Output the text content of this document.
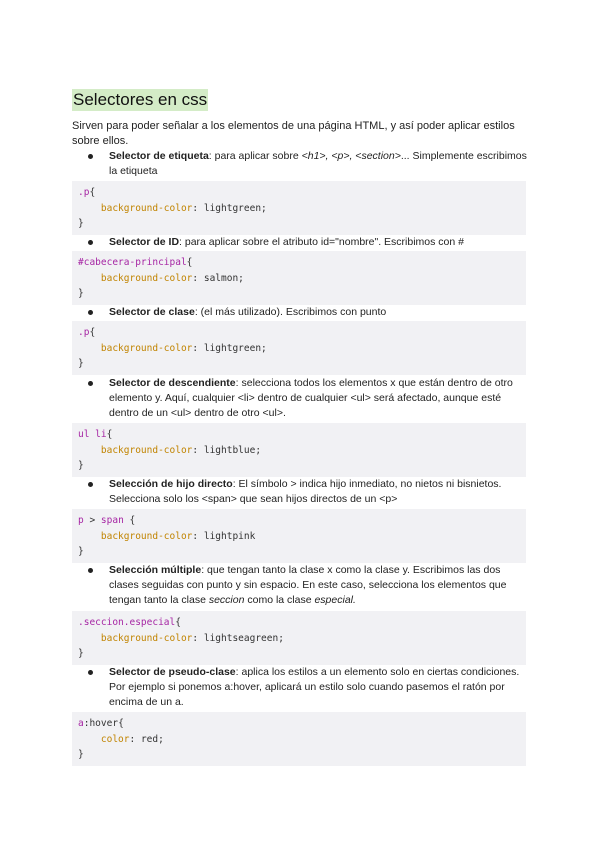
Selectores en css
Sirven para poder señalar a los elementos de una página HTML, y así poder aplicar estilos sobre ellos.
Selector de etiqueta: para aplicar sobre <h1>, <p>, <section>... Simplemente escribimos la etiqueta
.p{
background-color: lightgreen;
}
Selector de ID: para aplicar sobre el atributo id="nombre". Escribimos con #
#cabecera-principal{
background-color: salmon;
}
Selector de clase: (el más utilizado). Escribimos con punto
.p{
background-color: lightgreen;
}
Selector de descendiente: selecciona todos los elementos x que están dentro de otro elemento y. Aquí, cualquier <li> dentro de cualquier <ul> será afectado, aunque esté dentro de un <ul> dentro de otro <ul>.
ul li{
background-color: lightblue;
}
Selección de hijo directo: El símbolo > indica hijo inmediato, no nietos ni bisnietos. Selecciona solo los <span> que sean hijos directos de un <p>
p > span {
background-color: lightpink
}
Selección múltiple: que tengan tanto la clase x como la clase y. Escribimos las dos clases seguidas con punto y sin espacio. En este caso, selecciona los elementos que tengan tanto la clase seccion como la clase especial.
.seccion.especial{
background-color: lightseagreen;
}
Selector de pseudo-clase: aplica los estilos a un elemento solo en ciertas condiciones. Por ejemplo si ponemos a:hover, aplicará un estilo solo cuando pasemos el ratón por encima de un a.
a:hover{
color: red;
}
